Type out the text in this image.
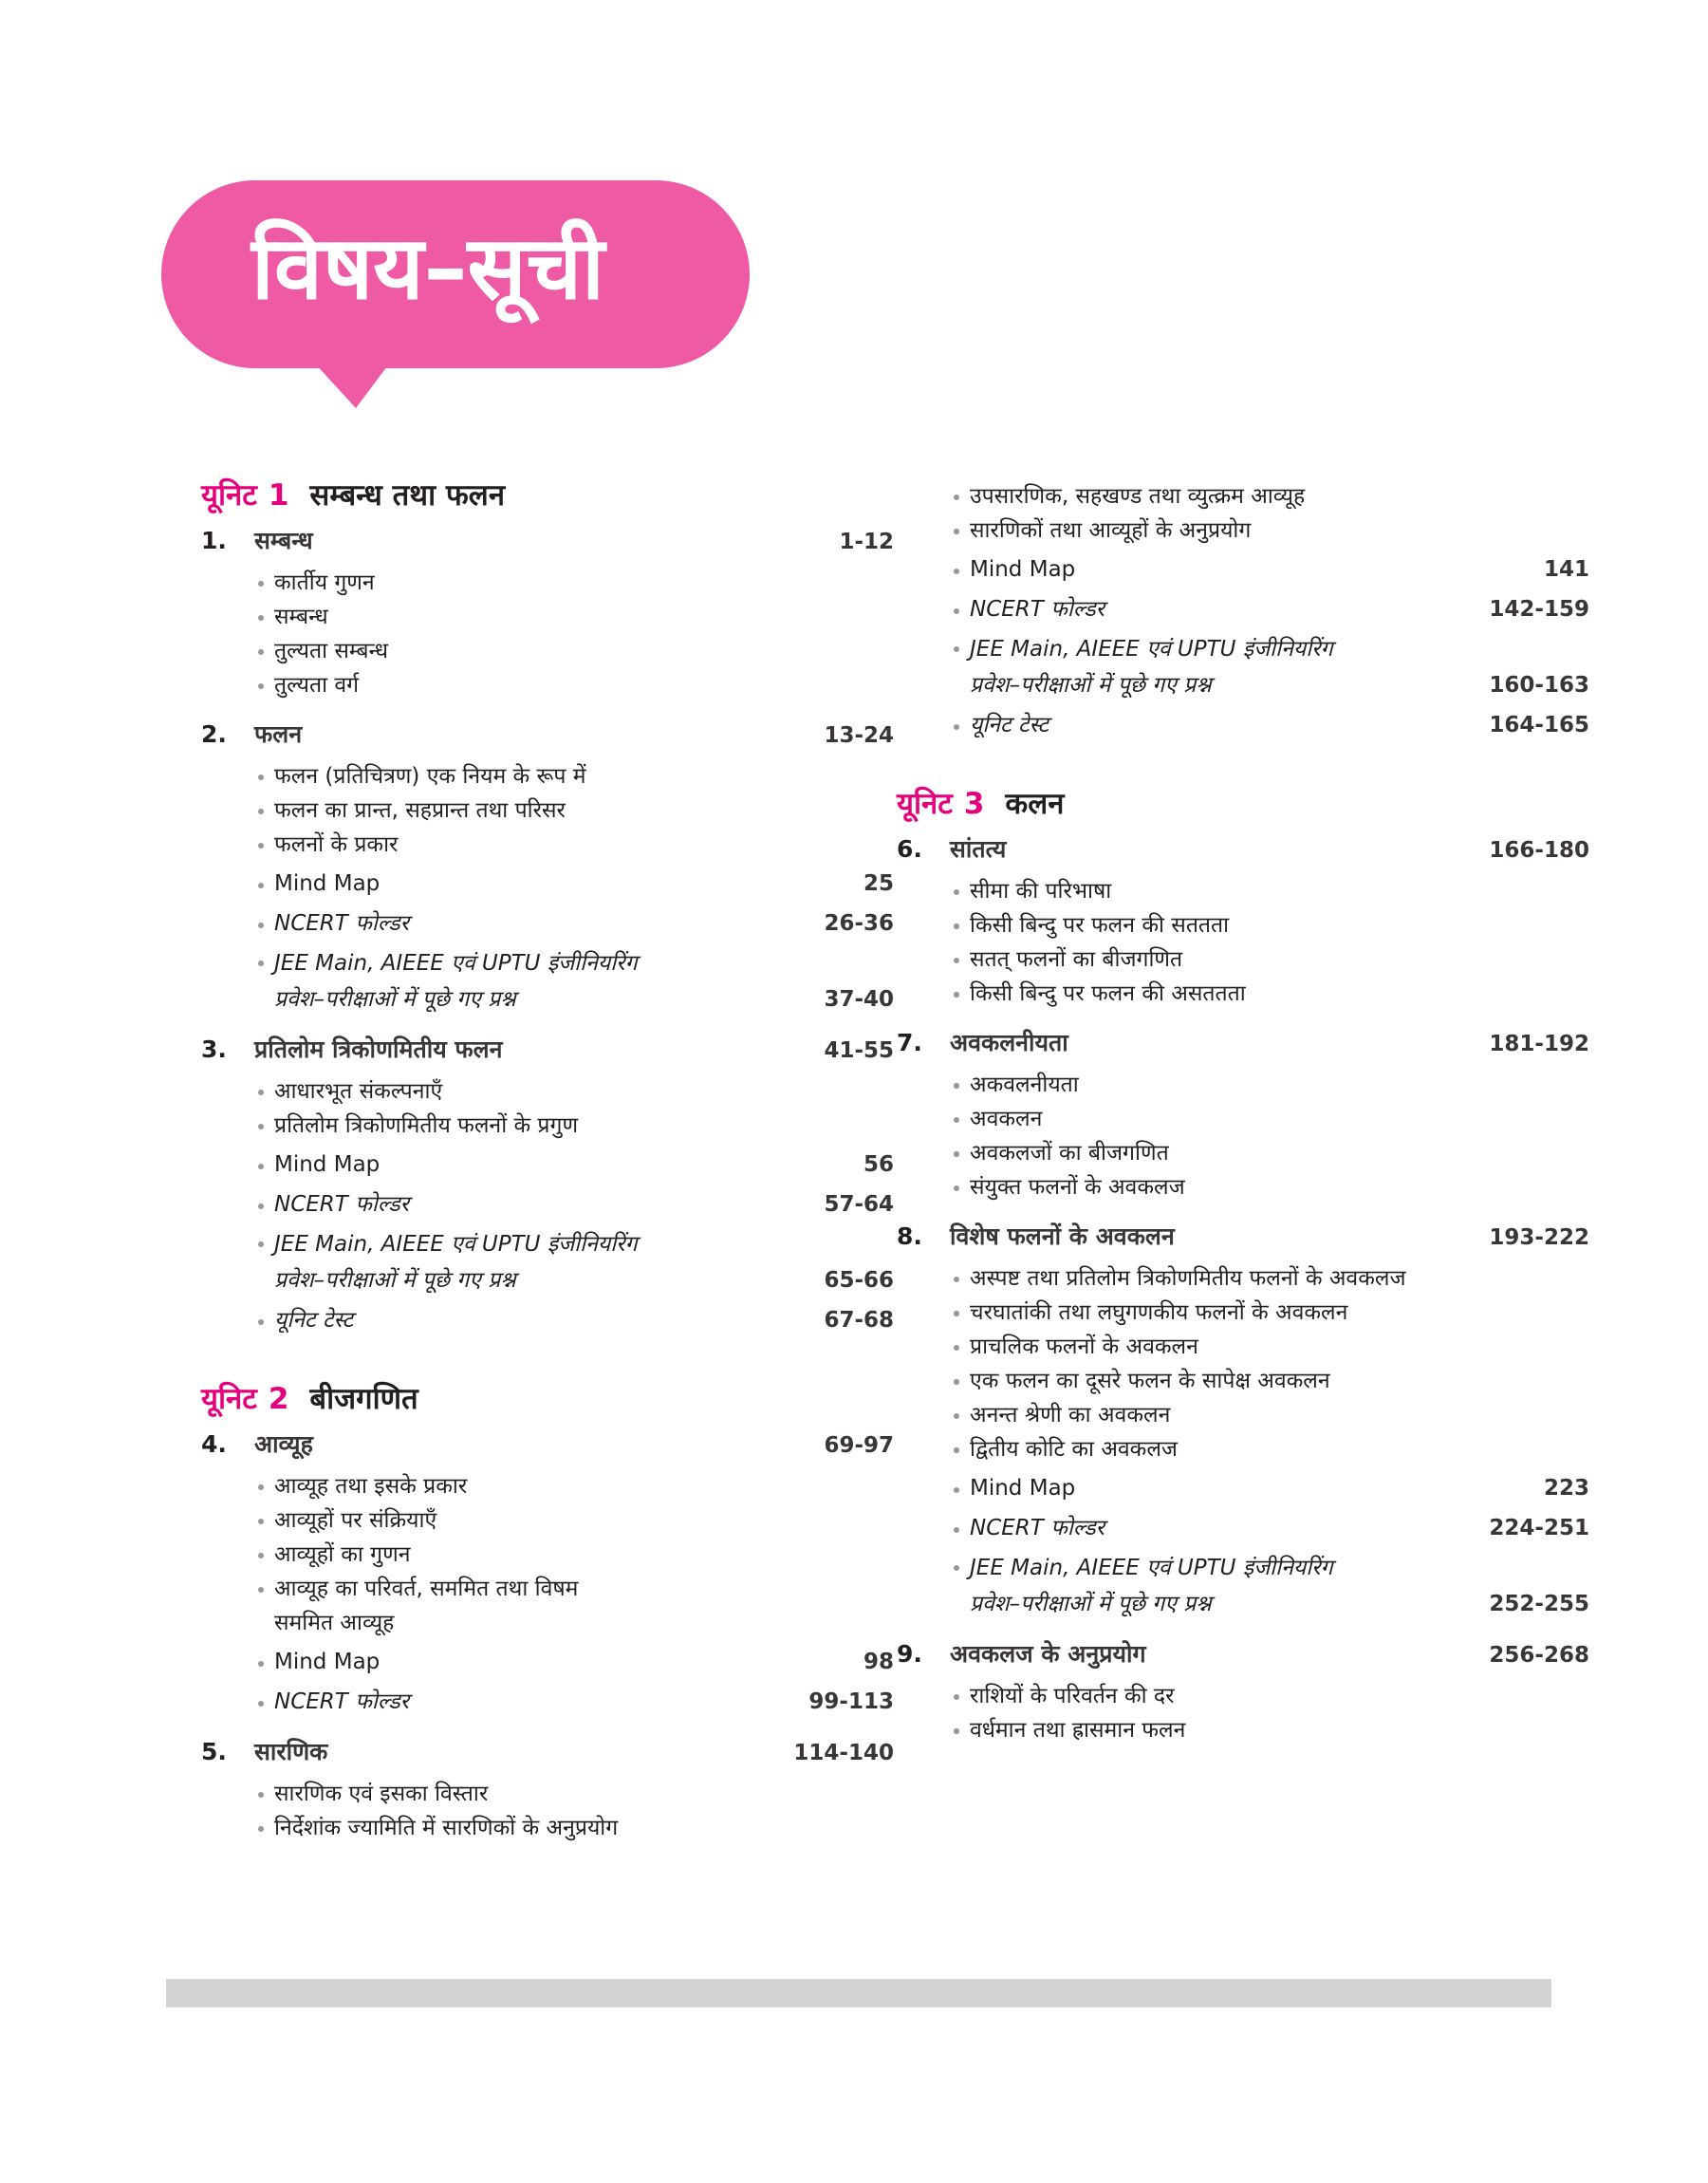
विषय–सूची
यूनिट 1 सम्बन्ध तथा फलन
1.	सम्बन्ध	1-12
कार्तीय गुणन
सम्बन्ध
तुल्यता सम्बन्ध
तुल्यता वर्ग
2.	फलन	13-24
फलन (प्रतिचित्रण) एक नियम के रूप में
फलन का प्रान्त, सहप्रान्त तथा परिसर
फलनों के प्रकार
Mind Map	25
NCERT फोल्डर	26-36
JEE Main, AIEEE एवं UPTU इंजीनियरिंग
प्रवेश–परीक्षाओं में पूछे गए प्रश्न	37-40
3.	प्रतिलोम त्रिकोणमितीय फलन	41-55
आधारभूत संकल्पनाएँ
प्रतिलोम त्रिकोणमितीय फलनों के प्रगुण
Mind Map	56
NCERT फोल्डर	57-64
JEE Main, AIEEE एवं UPTU इंजीनियरिंग
प्रवेश–परीक्षाओं में पूछे गए प्रश्न	65-66
यूनिट टेस्ट	67-68
यूनिट 2 बीजगणित
4.	आव्यूह	69-97
आव्यूह तथा इसके प्रकार
आव्यूहों पर संक्रियाएँ
आव्यूहों का गुणन
आव्यूह का परिवर्त, सममित तथा विषम
सममित आव्यूह
Mind Map	98
NCERT फोल्डर	99-113
5.	सारणिक	114-140
सारणिक एवं इसका विस्तार
निर्देशांक ज्यामिति में सारणिकों के अनुप्रयोग
उपसारणिक, सहखण्ड तथा व्युत्क्रम आव्यूह
सारणिकों तथा आव्यूहों के अनुप्रयोग
Mind Map	141
NCERT फोल्डर	142-159
JEE Main, AIEEE एवं UPTU इंजीनियरिंग
प्रवेश–परीक्षाओं में पूछे गए प्रश्न	160-163
यूनिट टेस्ट	164-165
यूनिट 3 कलन
6.	सांतत्य	166-180
सीमा की परिभाषा
किसी बिन्दु पर फलन की सततता
सतत् फलनों का बीजगणित
किसी बिन्दु पर फलन की असततता
7.	अवकलनीयता	181-192
अकवलनीयता
अवकलन
अवकलजों का बीजगणित
संयुक्त फलनों के अवकलज
8.	विशेष फलनों के अवकलन	193-222
अस्पष्ट तथा प्रतिलोम त्रिकोणमितीय फलनों के अवकलज
चरघातांकी तथा लघुगणकीय फलनों के अवकलन
प्राचलिक फलनों के अवकलन
एक फलन का दूसरे फलन के सापेक्ष अवकलन
अनन्त श्रेणी का अवकलन
द्वितीय कोटि का अवकलज
Mind Map	223
NCERT फोल्डर	224-251
JEE Main, AIEEE एवं UPTU इंजीनियरिंग
प्रवेश–परीक्षाओं में पूछे गए प्रश्न	252-255
9.	अवकलज के अनुप्रयोग	256-268
राशियों के परिवर्तन की दर
वर्धमान तथा ह्रासमान फलन
